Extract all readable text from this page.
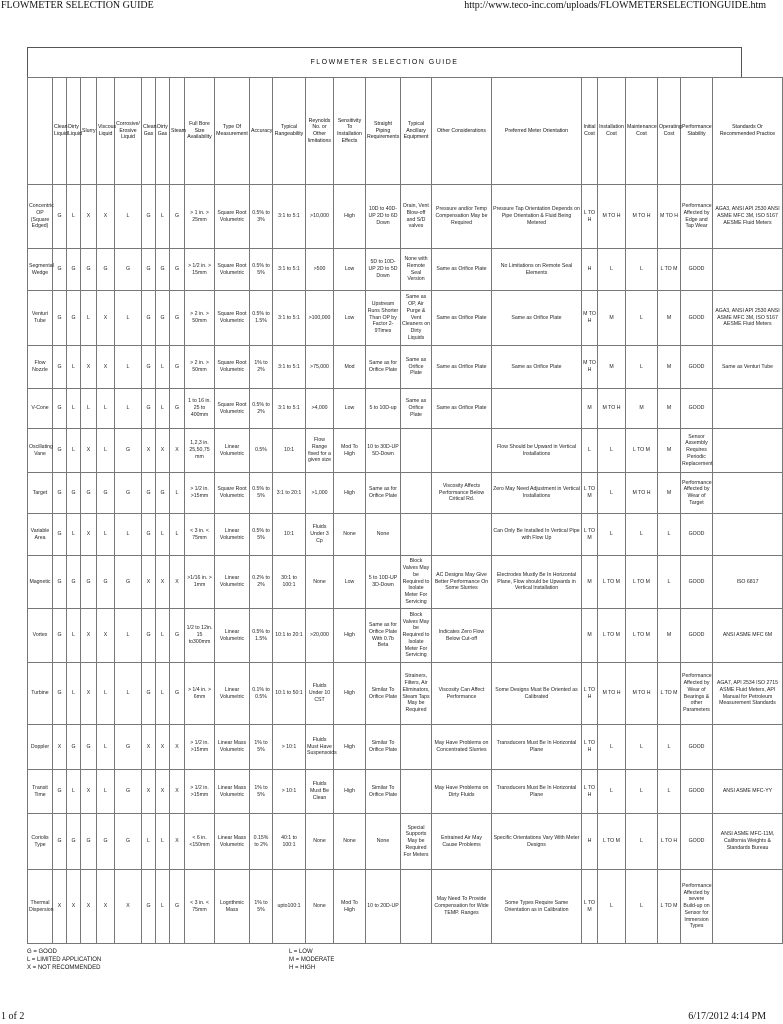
FLOWMETER SELECTION GUIDE	http://www.teco-inc.com/uploads/FLOWMETERSELECTIONGUIDE.htm
FLOWMETER SELECTION GUIDE
	Clean Liquid	Dirty Liquid	Slurry	Viscous Liquid	Corrosive/ Erosive Liquid	Clean Gas	Dirty Gas	Steam	Full Bore Size Availability	Type Of Measurement	Accuracy	Typical Rangeability	Reynolds No. or Other limitations	Sensitivity To Installation Effects	Straight Piping Requirements	Typical Ancillary Equipment	Other Considerations	Preferred Meter Orientation	Initial Cost	Installation Cost	Maintenance Cost	Operating Cost	Performance Stability	Standards Or Recommended Practice
Concentric OP (Square Edged)	G	L	X	X	L	G	L	G	> 1 in. > 25mm	Square Root Volumetric	0.5% to 3%	3:1 to 5:1	>10,000	High	10D to 40D-UP 2D to 6D Down	Drain, Vent Blow-off and S/D valves	Pressure and/or Temp Compensation May be Required	Pressure Tap Orientation Depends on Pipe Orientation & Fluid Being Metered	L TO H	M TO H	M TO H	M TO H	Performance Affected by Edge and Tap Wear	AGA3, ANSI API 2530 ANSI ASME MFC 3M, ISO 5167 AESME Fluid Meters
Segmental Wedge	G	G	G	G	G	G	G	G	> 1/2 in. > 15mm	Square Root Volumetric	0.5% to 5%	3:1 to 5:1	>500	Low	5D to 10D-UP 2D to 5D Down	None with Remote Seal Version	Same as Orifice Plate	No Limitations on Remote Seal Elements	H	L	L	L TO M	GOOD	
Venturi Tube	G	G	L	X	L	G	G	G	> 2 in. > 50mm	Square Root Volumetric	0.5% to 1.5%	3:1 to 5:1	>100,000	Low	Upstream Runs Shorter Than OP by Factor 2-9Times	Same as OP, Air Purge & Vent Cleaners on Dirty Liquids	Same as Orifice Plate	Same as Orifice Plate	M TO H	M	L	M	GOOD	AGA3, ANSI API 2530 ANSI ASME MFC 3M, ISO 5167 AESME Fluid Meters
Flow Nozzle	G	L	X	X	L	G	L	G	> 2 in. > 50mm	Square Root Volumetric	1% to 2%	3:1 to 5:1	>75,000	Mod	Same as for Orifice Plate	Same as Orifice Plate	Same as Orifice Plate	Same as Orifice Plate	M TO H	M	L	M	GOOD	Same as Venturi Tube
V-Cone	G	L	L	L	L	G	L	G	1 to 16 in. 25 to 400mm	Square Root Volumetric	0.5% to 2%	3:1 to 5:1	>4,000	Low	5 to 10D-up	Same as Orifice Plate	Same as Orifice Plate		M	M TO H	M	M	GOOD	
Oscillating Vane	G	L	X	L	G	X	X	X	1,2,3 in. 25,50,75 mm	Linear Volumetric	0.5%	10:1	Flow Range fixed for a given size	Mod To High	10 to 30D-UP 5D-Down			Flow Should be Upward in Vertical Installations	L	L	L TO M	M	Sensor Assembly Requires Periodic Replacement	
Target	G	G	G	G	G	G	G	L	> 1/2 in. >15mm	Square Root Volumetric	0.5% to 5%	3:1 to 20:1	>1,000	High	Same as for Orifice Plate		Viscosity Affects Performance Below Critical Rd.	Zero May Need Adjustment in Vertical Installations	L TO M	L	M TO H	M	Performance Affected by Wear of Target	
Variable Area	G	L	X	L	L	G	L	L	< 3 in. < 75mm	Linear Volumetric	0.5% to 5%	10:1	Fluids Under 3 Cp	None	None			Can Only Be Installed In Vertical Pipe with Flow Up	L TO M	L	L	L	GOOD	
Magnetic	G	G	G	G	G	X	X	X	>1/16 in. > 1mm	Linear Volumetric	0.2% to 2%	30:1 to 100:1	None	Low	5 to 10D-UP 3D-Down	Block Valves May be Required to Isolate Meter For Servicing	AC Designs May Give Better Performance On Some Slurries	Electrodes Mustly Be In Horizontal Plane, Flow should be Upwards in Vertical Installation	M	L TO M	L TO M	L	GOOD	ISO 6817
Vortex	G	L	X	X	L	G	L	G	1/2 to 12in. 15 to300mm	Linear Volumetric	0.5% to 1.5%	10:1 to 20:1	>20,000	High	Same as for Orifice Plate With 0.7b Beta	Block Valves May be Required to Isolate Meter For Servicing	Indicates Zero Flow Below Cut-off		M	L TO M	L TO M	M	GOOD	ANSI ASME MFC 6M
Turbine	G	L	X	L	L	G	L	G	> 1/4 in. > 6mm	Linear Volumetric	0.1% to 0.5%	10:1 to 50:1	Fluids Under 10 CST	High	Similar To Orifice Plate	Strainers, Filters, Air Eliminators, Steam Taps May be Required	Viscosity Can Affect Performance	Some Designs Must Be Oriented as Calibrated	L TO H	M TO H	M TO H	L TO M	Performance Affected by Wear of Bearings & other Parameters	AGA7, API 2534 ISO 2715 ASME Fluid Meters, API Manual for Petroleum Measurement Standards
Doppler	X	G	G	L	G	X	X	X	> 1/2 in. >15mm	Linear Mass Volumetric	1% to 5%	> 10:1	Fluids Must Have Suspensoids	High	Similar To Orifice Plate		May Have Problems on Concentrated Slurries	Transducers Must Be In Horizontal Plane	L TO H	L	L	L	GOOD	
Transit Time	G	L	X	L	G	X	X	X	> 1/2 in. >15mm	Linear Mass Volumetric	1% to 5%	> 10:1	Fluids Must Be Clean	High	Similar To Orifice Plate		May Have Problems on Dirty Fluids	Transducers Must Be In Horizontal Plane	L TO H	L	L	L	GOOD	ANSI ASME MFC-YY
Coriolis Type	G	G	G	G	G	L	L	X	< 6 in. <150mm	Linear Mass Volumetric	0.15% to 2%	40:1 to 100:1	None	None	None	Special Supports May be Required For Meters	Entrained Air May Cause Problems	Specific Orientations Vary With Meter Designs	H	L TO M	L	L TO H	GOOD	ANSI ASME MFC-11M, California Weights & Standards Bureau
Thermal Dispersion	X	X	X	X	X	G	L	G	< 3 in. < 75mm	Logrithmic Mass	1% to 5%	upto100:1	None	Mod To High	10 to 20D-UP		May Need To Provide Compensation for Wide TEMP. Ranges	Some Types Require Same Orientation as in Calibration	L TO M	L	L	L TO M	Performance Affected by severe Build-up on Sensor for Immersion Types	
G = GOOD
L = LIMITED APPLICATION
X = NOT RECOMMENDED
L = LOW
M = MODERATE
H = HIGH
1 of 2	6/17/2012 4:14 PM
